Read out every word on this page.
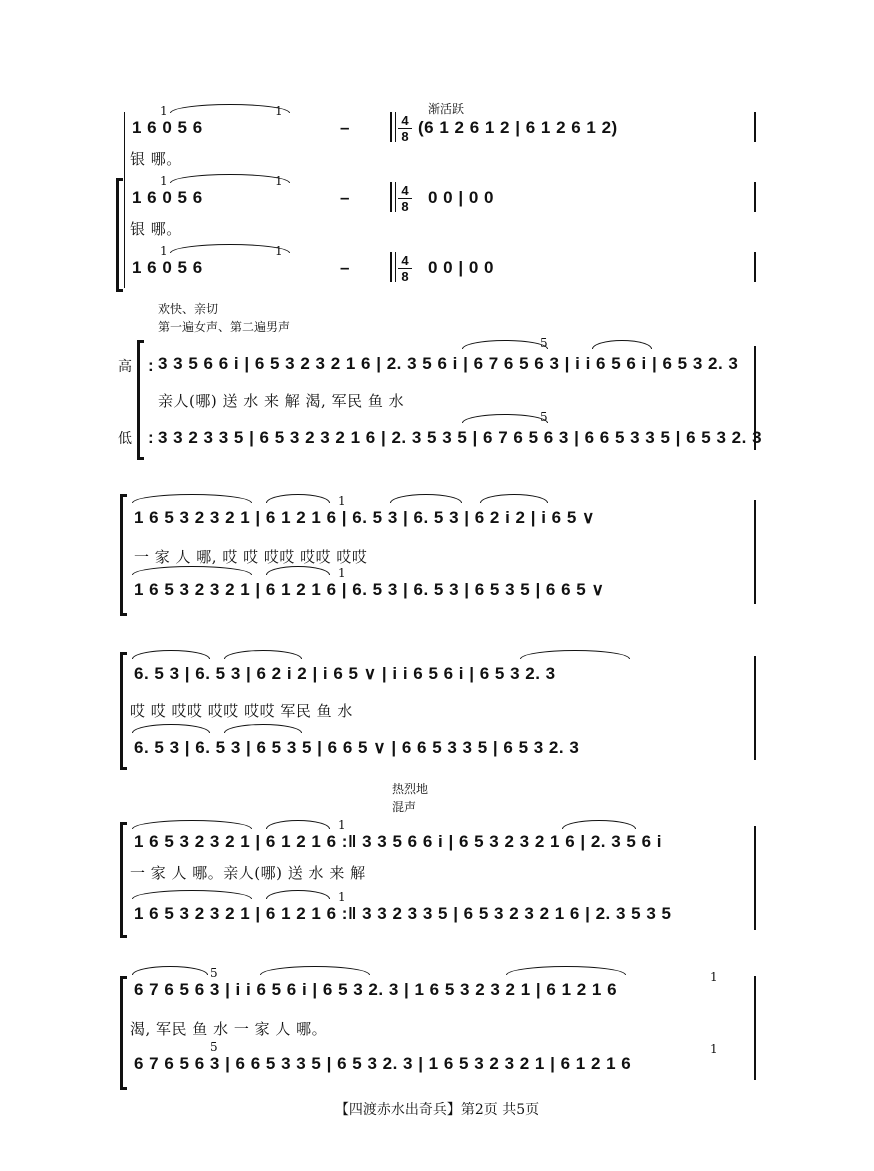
渐活跃
1	1
1 6 0 5 6	–	4
8 (6 1 2 6 1 2 | 6 1 2 6 1 2)
银 哪。
1	1
1 6 0 5 6	–	4
8 0 0 | 0 0
银 哪。
1	1
1 6 0 5 6	–	4
8 0 0 | 0 0
欢快、亲切
第一遍女声、第二遍男声
高
低
:
:
5
3 3 5 6 6 i | 6 5 3 2 3 2 1 6 | 2. 3 5 6 i | 6 7 6 5 6 3 | i i 6 5 6 i | 6 5 3 2. 3
亲人(哪) 送 水 来 解 渴, 军民 鱼 水
5
3 3 2 3 3 5 | 6 5 3 2 3 2 1 6 | 2. 3 5 3 5 | 6 7 6 5 6 3 | 6 6 5 3 3 5 | 6 5 3 2. 3
1
1 6 5 3 2 3 2 1 | 6 1 2 1 6 | 6. 5 3 | 6. 5 3 | 6 2 i 2 | i 6 5 ∨
一 家 人 哪, 哎 哎 哎哎 哎哎 哎哎
1
1 6 5 3 2 3 2 1 | 6 1 2 1 6 | 6. 5 3 | 6. 5 3 | 6 5 3 5 | 6 6 5 ∨
6. 5 3 | 6. 5 3 | 6 2 i 2 | i 6 5 ∨ | i i 6 5 6 i | 6 5 3 2. 3
哎 哎 哎哎 哎哎 哎哎 军民 鱼 水
6. 5 3 | 6. 5 3 | 6 5 3 5 | 6 6 5 ∨ | 6 6 5 3 3 5 | 6 5 3 2. 3
热烈地
混声
1
1 6 5 3 2 3 2 1 | 6 1 2 1 6 :‖ 3 3 5 6 6 i | 6 5 3 2 3 2 1 6 | 2. 3 5 6 i
一 家 人 哪。亲人(哪) 送 水 来 解
1
1 6 5 3 2 3 2 1 | 6 1 2 1 6 :‖ 3 3 2 3 3 5 | 6 5 3 2 3 2 1 6 | 2. 3 5 3 5
5	1
6 7 6 5 6 3 | i i 6 5 6 i | 6 5 3 2. 3 | 1 6 5 3 2 3 2 1 | 6 1 2 1 6
渴, 军民 鱼 水 一 家 人 哪。
5	1
6 7 6 5 6 3 | 6 6 5 3 3 5 | 6 5 3 2. 3 | 1 6 5 3 2 3 2 1 | 6 1 2 1 6
【四渡赤水出奇兵】第2页 共5页
